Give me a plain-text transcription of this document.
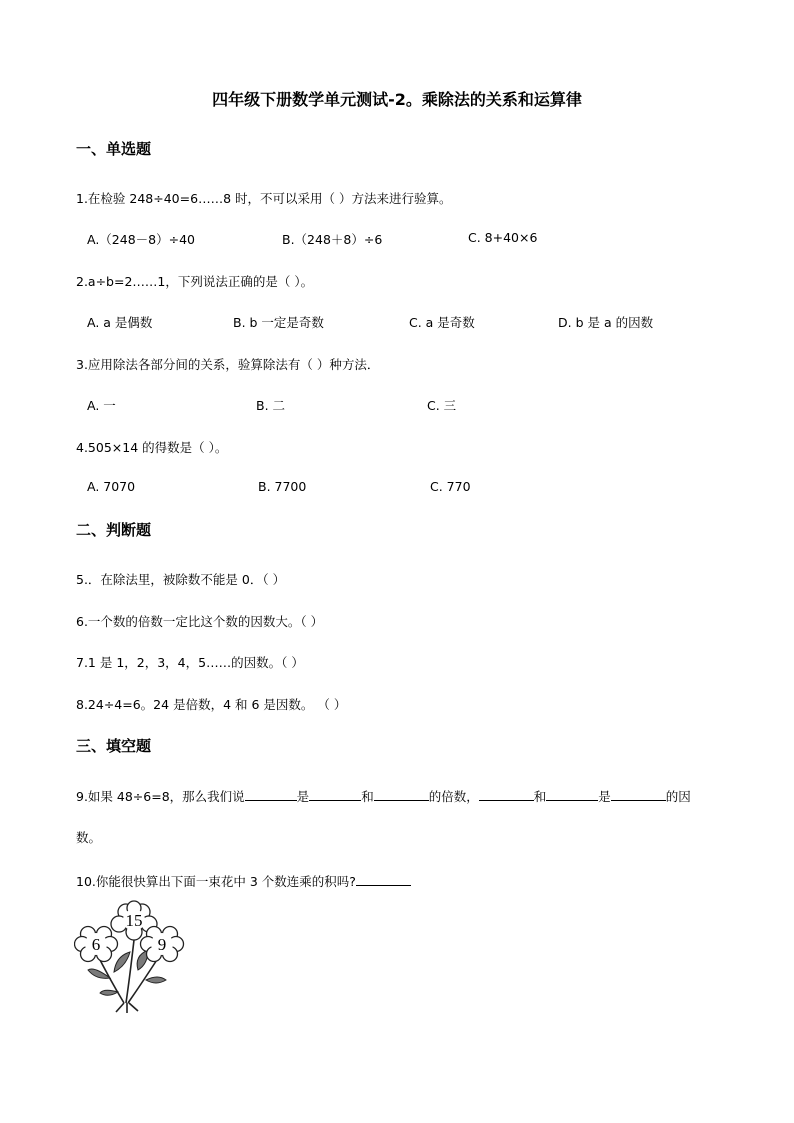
四年级下册数学单元测试-2。乘除法的关系和运算律
一、单选题
1.在检验 248÷40=6……8 时，不可以采用（ ）方法来进行验算。
A.（248－8）÷40	B.（248＋8）÷6	C. 8+40×6
2.a÷b=2……1，下列说法正确的是（ ）。
A. a 是偶数	B. b 一定是奇数	C. a 是奇数	D. b 是 a 的因数
3.应用除法各部分间的关系，验算除法有（ ）种方法．
A. 一	B. 二	C. 三
4.505×14 的得数是（ ）。
A. 7070	B. 7700	C. 770
二、判断题
5.．在除法里，被除数不能是 0．（ ）
6.一个数的倍数一定比这个数的因数大。（ ）
7.1 是 1，2，3，4，5……的因数。（ ）
8.24÷4=6。24 是倍数，4 和 6 是因数。 （ ）
三、填空题
9.如果 48÷6=8，那么我们说	是	和	的倍数，	和	是	的因
数。
10.你能很快算出下面一束花中 3 个数连乘的积吗?
15
6	9
